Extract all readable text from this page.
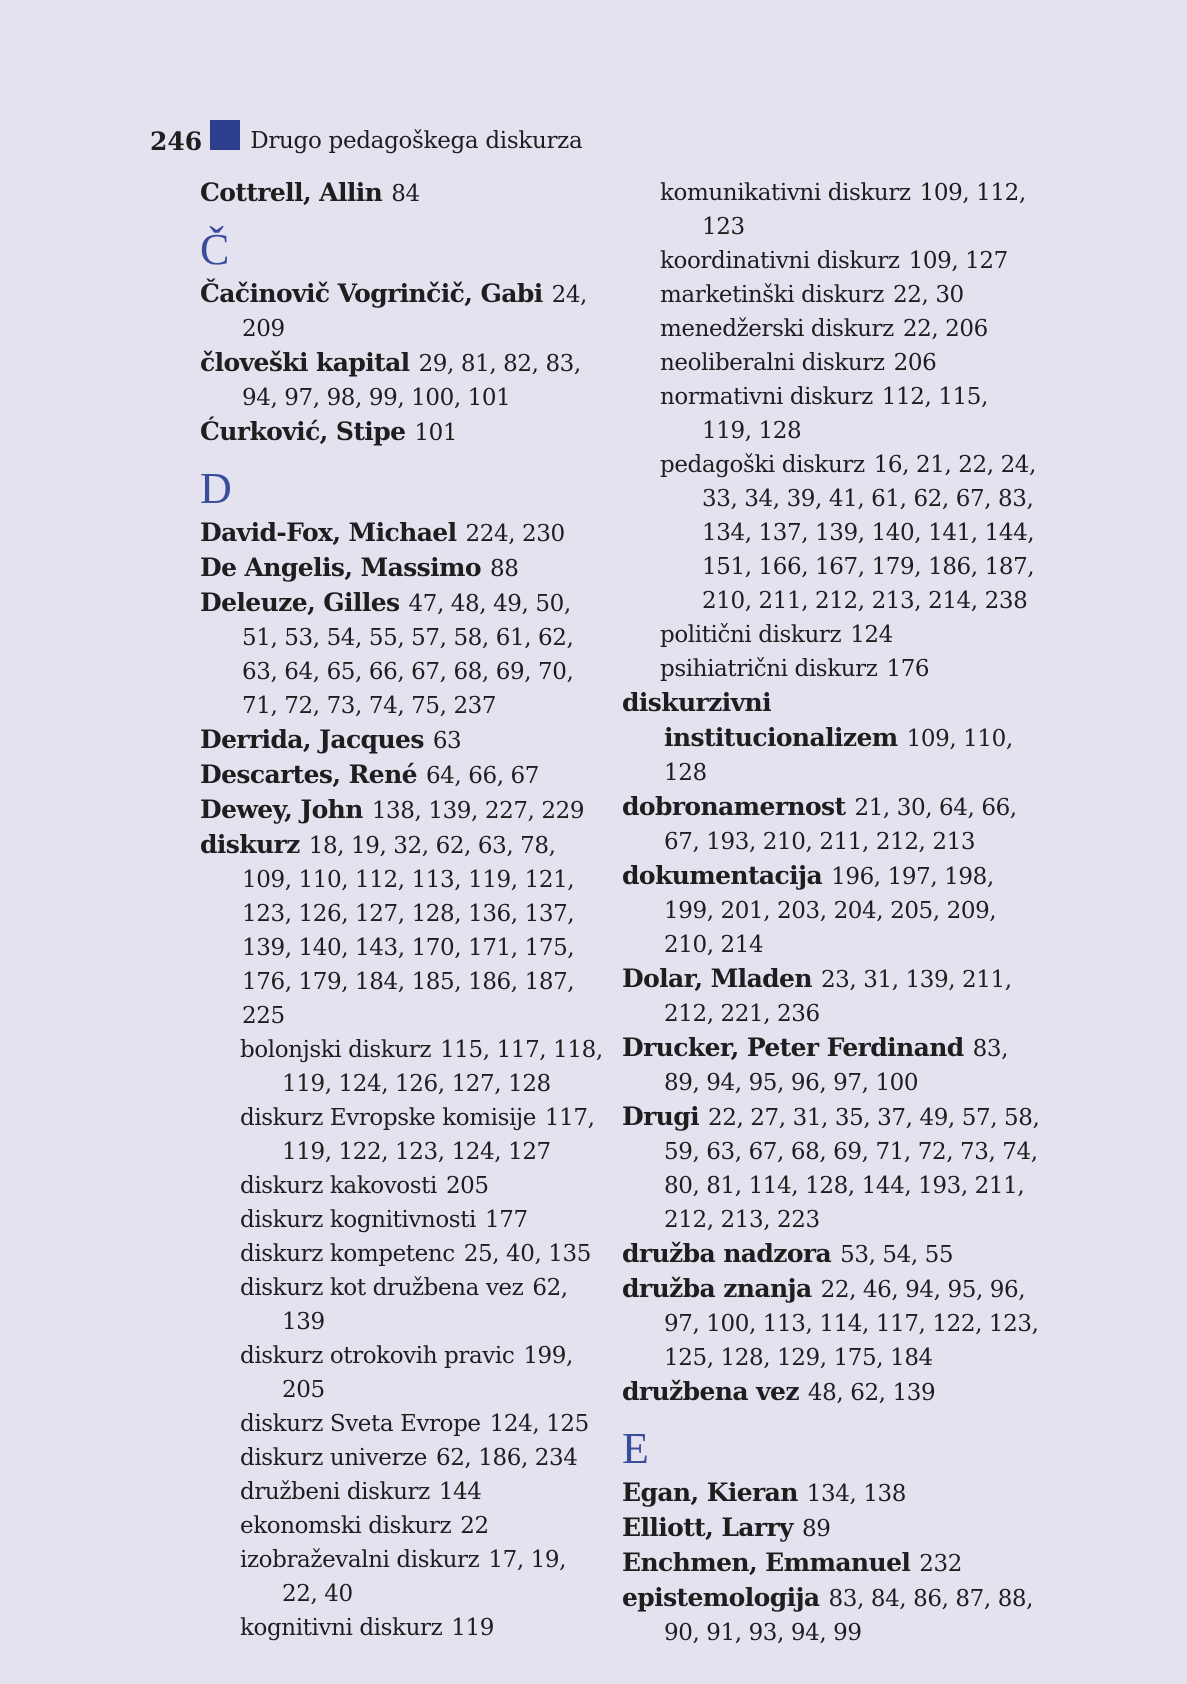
246 Drugo pedagoškega diskurza
Cottrell, Allin 84
Č
Čačinovič Vogrinčič, Gabi 24, 209
človeški kapital 29, 81, 82, 83, 94, 97, 98, 99, 100, 101
Ćurković, Stipe 101
D
David-Fox, Michael 224, 230
De Angelis, Massimo 88
Deleuze, Gilles 47, 48, 49, 50, 51, 53, 54, 55, 57, 58, 61, 62, 63, 64, 65, 66, 67, 68, 69, 70, 71, 72, 73, 74, 75, 237
Derrida, Jacques 63
Descartes, René 64, 66, 67
Dewey, John 138, 139, 227, 229
diskurz 18, 19, 32, 62, 63, 78, 109, 110, 112, 113, 119, 121, 123, 126, 127, 128, 136, 137, 139, 140, 143, 170, 171, 175, 176, 179, 184, 185, 186, 187, 225
bolonjski diskurz 115, 117, 118, 119, 124, 126, 127, 128
diskurz Evropske komisije 117, 119, 122, 123, 124, 127
diskurz kakovosti 205
diskurz kognitivnosti 177
diskurz kompetenc 25, 40, 135
diskurz kot družbena vez 62, 139
diskurz otrokovih pravic 199, 205
diskurz Sveta Evrope 124, 125
diskurz univerze 62, 186, 234
družbeni diskurz 144
ekonomski diskurz 22
izobraževalni diskurz 17, 19, 22, 40
kognitivni diskurz 119
komunikativni diskurz 109, 112, 123
koordinativni diskurz 109, 127
marketinški diskurz 22, 30
menedžerski diskurz 22, 206
neoliberalni diskurz 206
normativni diskurz 112, 115, 119, 128
pedagoški diskurz 16, 21, 22, 24, 33, 34, 39, 41, 61, 62, 67, 83, 134, 137, 139, 140, 141, 144, 151, 166, 167, 179, 186, 187, 210, 211, 212, 213, 214, 238
politični diskurz 124
psihiatrični diskurz 176
diskurzivni institucionalizem 109, 110, 128
dobronamernost 21, 30, 64, 66, 67, 193, 210, 211, 212, 213
dokumentacija 196, 197, 198, 199, 201, 203, 204, 205, 209, 210, 214
Dolar, Mladen 23, 31, 139, 211, 212, 221, 236
Drucker, Peter Ferdinand 83, 89, 94, 95, 96, 97, 100
Drugi 22, 27, 31, 35, 37, 49, 57, 58, 59, 63, 67, 68, 69, 71, 72, 73, 74, 80, 81, 114, 128, 144, 193, 211, 212, 213, 223
družba nadzora 53, 54, 55
družba znanja 22, 46, 94, 95, 96, 97, 100, 113, 114, 117, 122, 123, 125, 128, 129, 175, 184
družbena vez 48, 62, 139
E
Egan, Kieran 134, 138
Elliott, Larry 89
Enchmen, Emmanuel 232
epistemologija 83, 84, 86, 87, 88, 90, 91, 93, 94, 99
